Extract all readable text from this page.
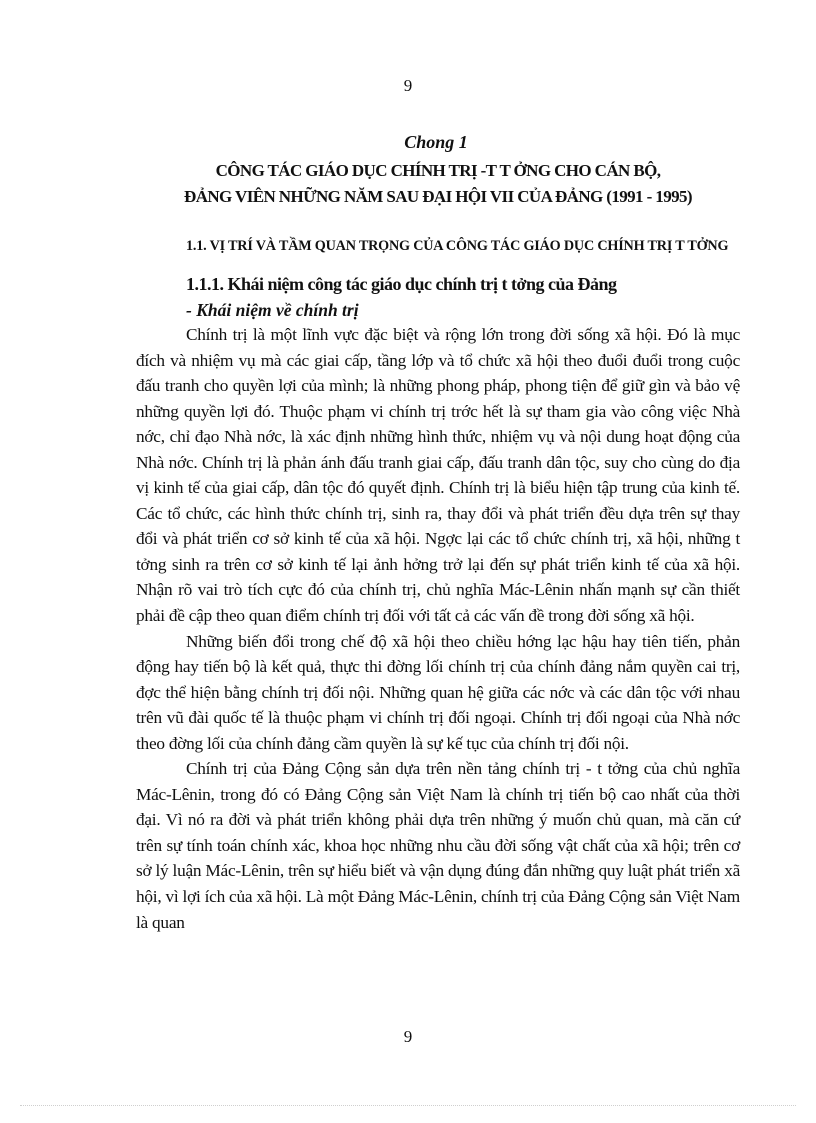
9
Chong 1
CÔNG TÁC GIÁO DỤC CHÍNH TRỊ -T T ỞNG CHO CÁN BỘ,
ĐẢNG VIÊN NHỮNG NĂM SAU ĐẠI HỘI VII CỦA ĐẢNG (1991 - 1995)
1.1. VỊ TRÍ VÀ TẦM QUAN TRỌNG CỦA CÔNG TÁC GIÁO DỤC CHÍNH TRỊ T TỞNG
1.1.1. Khái niệm công tác giáo dục chính trị t tởng của Đảng
- Khái niệm về chính trị

Chính trị là một lĩnh vực đặc biệt và rộng lớn trong đời sống xã hội. Đó là mục đích và nhiệm vụ mà các giai cấp, tầng lớp và tổ chức xã hội theo đuổi đuổi trong cuộc đấu tranh cho quyền lợi của mình; là những phong pháp, phong tiện để giữ gìn và bảo vệ những quyền lợi đó. Thuộc phạm vi chính trị trớc hết là sự tham gia vào công việc Nhà nớc, chỉ đạo Nhà nớc, là xác định những hình thức, nhiệm vụ và nội dung hoạt động của Nhà nớc. Chính trị là phản ánh đấu tranh giai cấp, đấu tranh dân tộc, suy cho cùng do địa vị kinh tế của giai cấp, dân tộc đó quyết định. Chính trị là biểu hiện tập trung của kinh tế. Các tổ chức, các hình thức chính trị, sinh ra, thay đổi và phát triển đều dựa trên sự thay đổi và phát triển cơ sở kinh tế của xã hội. Ngợc lại các tổ chức chính trị, xã hội, những t tởng sinh ra trên cơ sở kinh tế lại ảnh hởng trở lại đến sự phát triển kinh tế của xã hội. Nhận rõ vai trò tích cực đó của chính trị, chủ nghĩa Mác-Lênin nhấn mạnh sự cần thiết phải đề cập theo quan điểm chính trị đối với tất cả các vấn đề trong đời sống xã hội.

Những biến đổi trong chế độ xã hội theo chiều hớng lạc hậu hay tiên tiến, phản động hay tiến bộ là kết quả, thực thi đờng lối chính trị của chính đảng nắm quyền cai trị, đợc thể hiện bằng chính trị đối nội. Những quan hệ giữa các nớc và các dân tộc với nhau trên vũ đài quốc tế là thuộc phạm vi chính trị đối ngoại. Chính trị đối ngoại của Nhà nớc theo đờng lối của chính đảng cầm quyền là sự kế tục của chính trị đối nội.

Chính trị của Đảng Cộng sản dựa trên nền tảng chính trị - t tởng của chủ nghĩa Mác-Lênin, trong đó có Đảng Cộng sản Việt Nam là chính trị tiến bộ cao nhất của thời đại. Vì nó ra đời và phát triển không phải dựa trên những ý muốn chủ quan, mà căn cứ trên sự tính toán chính xác, khoa học những nhu cầu đời sống vật chất của xã hội; trên cơ sở lý luận Mác-Lênin, trên sự hiểu biết và vận dụng đúng đắn những quy luật phát triển xã hội, vì lợi ích của xã hội. Là một Đảng Mác-Lênin, chính trị của Đảng Cộng sản Việt Nam là quan

9
